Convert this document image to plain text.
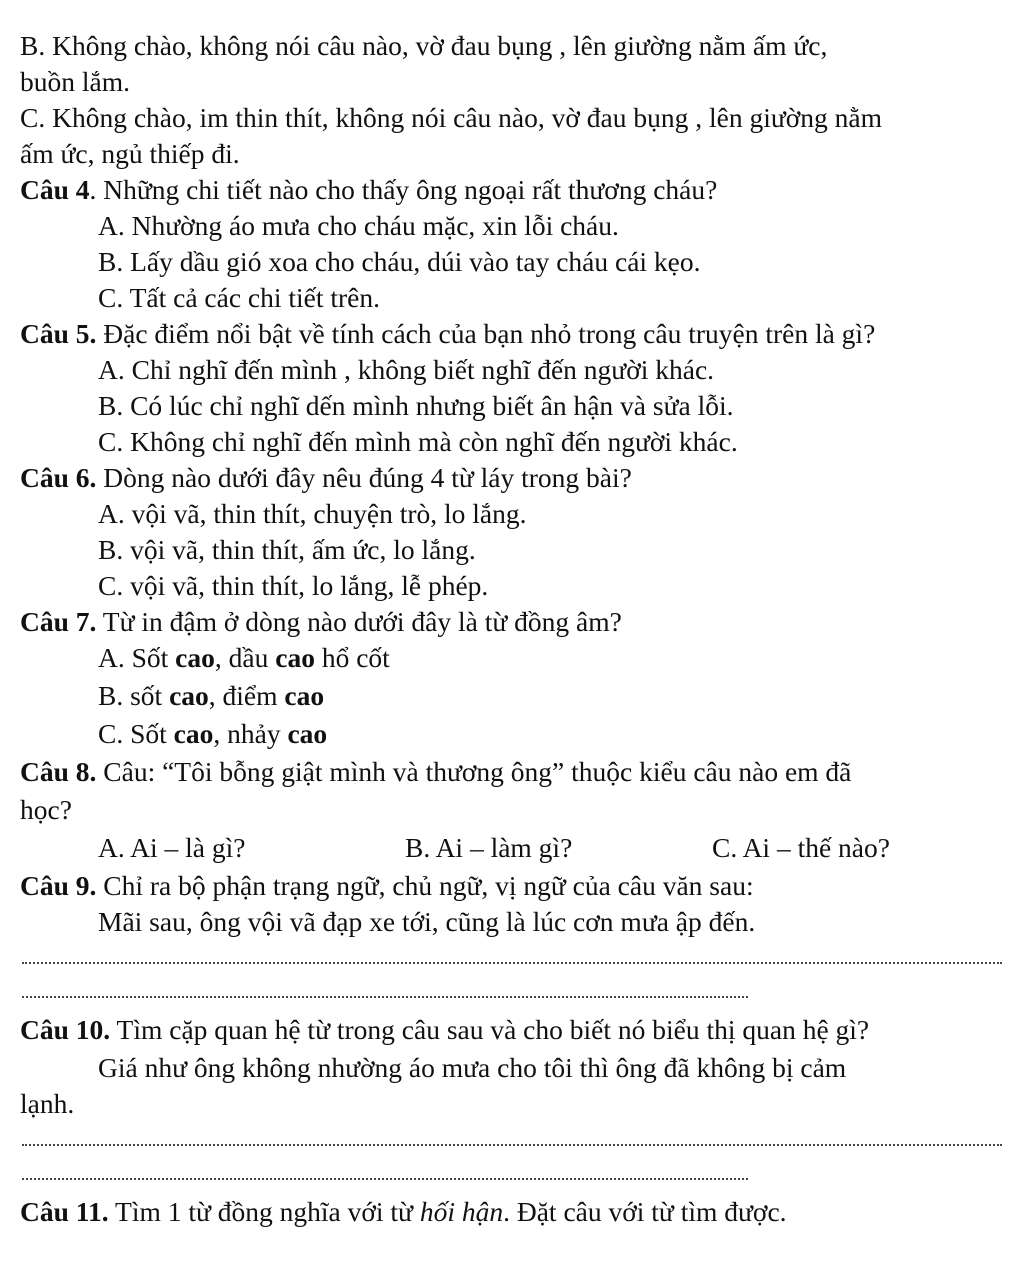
B. Không chào, không nói câu nào, vờ đau bụng , lên giường nằm ấm ức,
buồn lắm.
C. Không chào, im thin thít, không nói câu nào, vờ đau bụng , lên giường nằm
ấm ức, ngủ thiếp đi.
Câu 4. Những chi tiết nào cho thấy ông ngoại rất thương cháu?
A. Nhường áo mưa cho cháu mặc, xin lỗi cháu.
B. Lấy dầu gió xoa cho cháu, dúi vào tay cháu cái kẹo.
C. Tất cả các chi tiết trên.
Câu 5. Đặc điểm nổi bật về tính cách của bạn nhỏ trong câu truyện trên là gì?
A. Chỉ nghĩ đến mình , không biết nghĩ đến người khác.
B. Có lúc chỉ nghĩ dến mình nhưng biết ân hận và sửa lỗi.
C. Không chỉ nghĩ đến mình mà còn nghĩ đến người khác.
Câu 6. Dòng nào dưới đây nêu đúng 4 từ láy trong bài?
A. vội vã, thin thít, chuyện trò, lo lắng.
B. vội vã, thin thít, ấm ức, lo lắng.
C. vội vã, thin thít, lo lắng, lễ phép.
Câu 7. Từ in đậm ở dòng nào dưới đây là từ đồng âm?
A. Sốt cao, dầu cao hổ cốt
B. sốt cao, điểm cao
C. Sốt cao, nhảy cao
Câu 8. Câu: “Tôi bỗng giật mình và thương ông” thuộc kiểu câu nào em đã
học?
A. Ai – là gì?	B. Ai – làm gì?	C. Ai – thế nào?
Câu 9. Chỉ ra bộ phận trạng ngữ, chủ ngữ, vị ngữ của câu văn sau:
Mãi sau, ông vội vã đạp xe tới, cũng là lúc cơn mưa ập đến.
Câu 10. Tìm cặp quan hệ từ trong câu sau và cho biết nó biểu thị quan hệ gì?
Giá như ông không nhường áo mưa cho tôi thì ông đã không bị cảm
lạnh.
Câu 11. Tìm 1 từ đồng nghĩa với từ hối hận. Đặt câu với từ tìm được.
